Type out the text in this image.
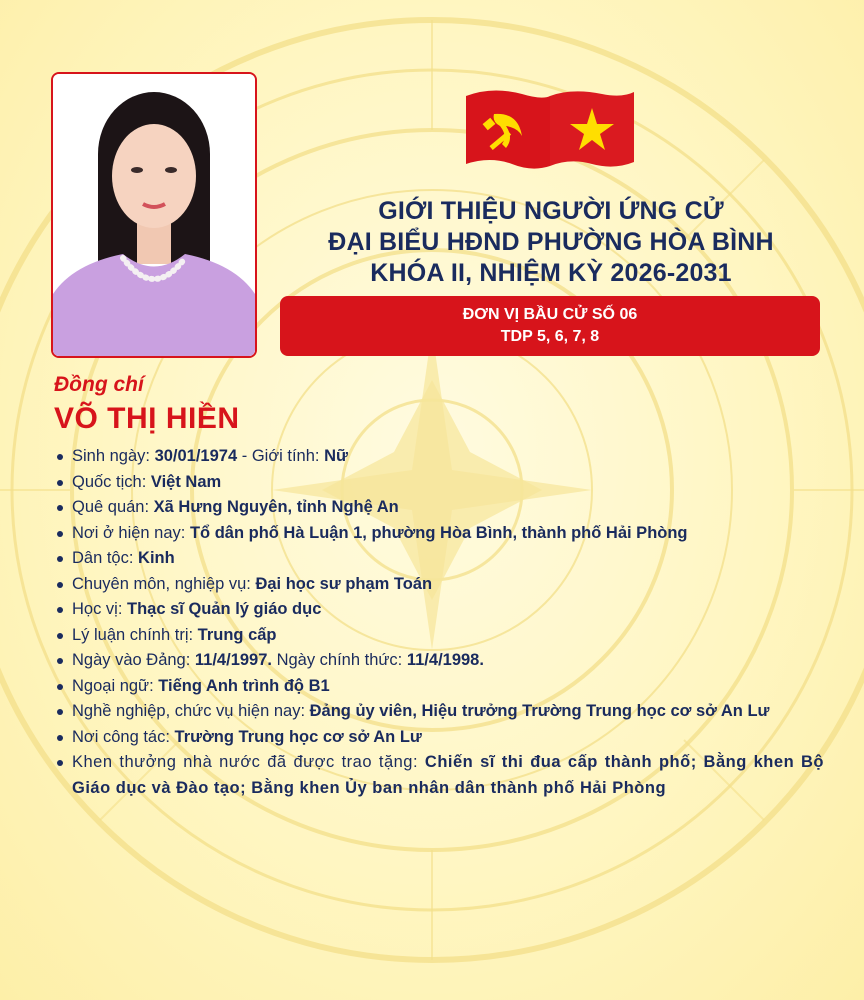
GIỚI THIỆU NGƯỜI ỨNG CỬ
ĐẠI BIỂU HĐND PHƯỜNG HÒA BÌNH
KHÓA II, NHIỆM KỲ 2026-2031
ĐƠN VỊ BẦU CỬ SỐ 06
TDP 5, 6, 7, 8
Đồng chí
VÕ THỊ HIỀN
Sinh ngày: 30/01/1974 - Giới tính: Nữ
Quốc tịch: Việt Nam
Quê quán: Xã Hưng Nguyên, tỉnh Nghệ An
Nơi ở hiện nay: Tổ dân phố Hà Luận 1, phường Hòa Bình, thành phố Hải Phòng
Dân tộc: Kinh
Chuyên môn, nghiệp vụ: Đại học sư phạm Toán
Học vị: Thạc sĩ Quản lý giáo dục
Lý luận chính trị: Trung cấp
Ngày vào Đảng: 11/4/1997. Ngày chính thức: 11/4/1998.
Ngoại ngữ: Tiếng Anh trình độ B1
Nghề nghiệp, chức vụ hiện nay: Đảng ủy viên, Hiệu trưởng Trường Trung học cơ sở An Lư
Nơi công tác: Trường Trung học cơ sở An Lư
Khen thưởng nhà nước đã được trao tặng: Chiến sĩ thi đua cấp thành phố; Bằng khen Bộ Giáo dục và Đào tạo; Bằng khen Ủy ban nhân dân thành phố Hải Phòng
